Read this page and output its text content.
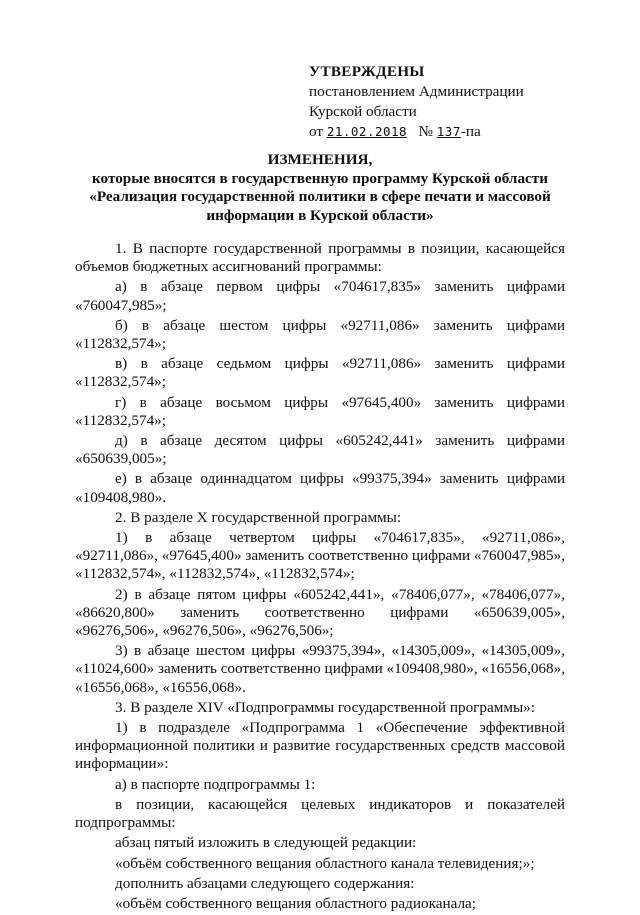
УТВЕРЖДЕНЫ
постановлением Администрации
Курской области
от 21.02.2018 № 137-па
ИЗМЕНЕНИЯ,
которые вносятся в государственную программу Курской области
«Реализация государственной политики в сфере печати и массовой информации в Курской области»

1. В паспорте государственной программы в позиции, касающейся объемов бюджетных ассигнований программы:

а) в абзаце первом цифры «704617,835» заменить цифрами «760047,985»;

б) в абзаце шестом цифры «92711,086» заменить цифрами «112832,574»;

в) в абзаце седьмом цифры «92711,086» заменить цифрами «112832,574»;

г) в абзаце восьмом цифры «97645,400» заменить цифрами «112832,574»;

д) в абзаце десятом цифры «605242,441» заменить цифрами «650639,005»;

е) в абзаце одиннадцатом цифры «99375,394» заменить цифрами «109408,980».

2. В разделе X государственной программы:

1) в абзаце четвертом цифры «704617,835», «92711,086», «92711,086», «97645,400» заменить соответственно цифрами «760047,985», «112832,574», «112832,574», «112832,574»;

2) в абзаце пятом цифры «605242,441», «78406,077», «78406,077», «86620,800» заменить соответственно цифрами «650639,005», «96276,506», «96276,506», «96276,506»;

3) в абзаце шестом цифры «99375,394», «14305,009», «14305,009», «11024,600» заменить соответственно цифрами «109408,980», «16556,068», «16556,068», «16556,068».

3. В разделе XIV «Подпрограммы государственной программы»:

1) в подразделе «Подпрограмма 1 «Обеспечение эффективной информационной политики и развитие государственных средств массовой информации»:

а) в паспорте подпрограммы 1:

в позиции, касающейся целевых индикаторов и показателей подпрограммы:

абзац пятый изложить в следующей редакции:

«объём собственного вещания областного канала телевидения;»;

дополнить абзацами следующего содержания:

«объём собственного вещания областного радиоканала;
